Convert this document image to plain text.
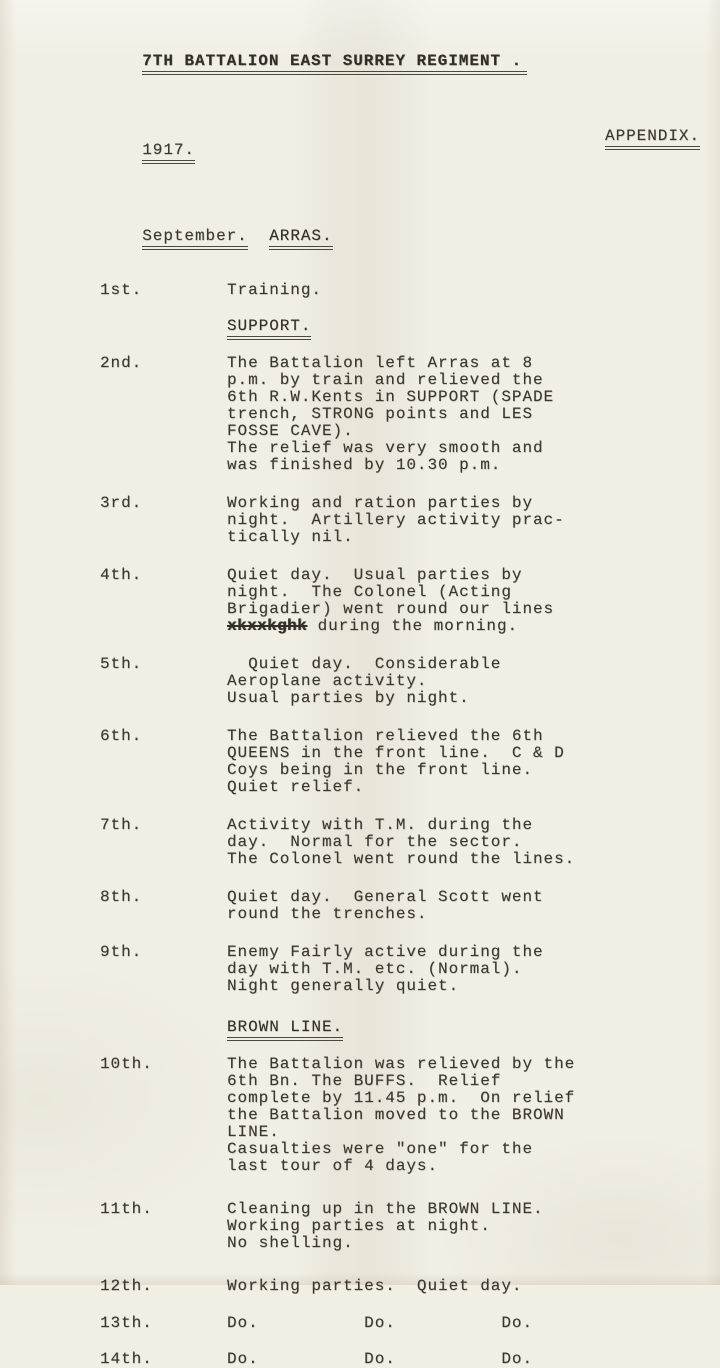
7TH BATTALION EAST SURREY REGIMENT .

1917.

APPENDIX.

September. ARRAS.

1st.	Training.
SUPPORT.
2nd.	The Battalion left Arras at 8
p.m. by train and relieved the
6th R.W.Kents in SUPPORT (SPADE
trench, STRONG points and LES
FOSSE CAVE).
The relief was very smooth and
was finished by 10.30 p.m.
3rd.	Working and ration parties by
night.  Artillery activity prac-
tically nil.
4th.	Quiet day.  Usual parties by
night.  The Colonel (Acting
Brigadier) went round our lines
xkxxkghk during the morning.
5th.	Quiet day.  Considerable
Aeroplane activity.
Usual parties by night.
6th.	The Battalion relieved the 6th
QUEENS in the front line.  C & D
Coys being in the front line.
Quiet relief.
7th.	Activity with T.M. during the
day.  Normal for the sector.
The Colonel went round the lines.
8th.	Quiet day.  General Scott went
round the trenches.
9th.	Enemy Fairly active during the
day with T.M. etc. (Normal).
Night generally quiet.
BROWN LINE.
10th.	The Battalion was relieved by the
6th Bn. The BUFFS.  Relief
complete by 11.45 p.m.  On relief
the Battalion moved to the BROWN
LINE.
Casualties were "one" for the
last tour of 4 days.
11th.	Cleaning up in the BROWN LINE.
Working parties at night.
No shelling.
12th.	Working parties.  Quiet day.
13th.	Do.          Do.          Do.
14th.	Do.          Do.          Do.
